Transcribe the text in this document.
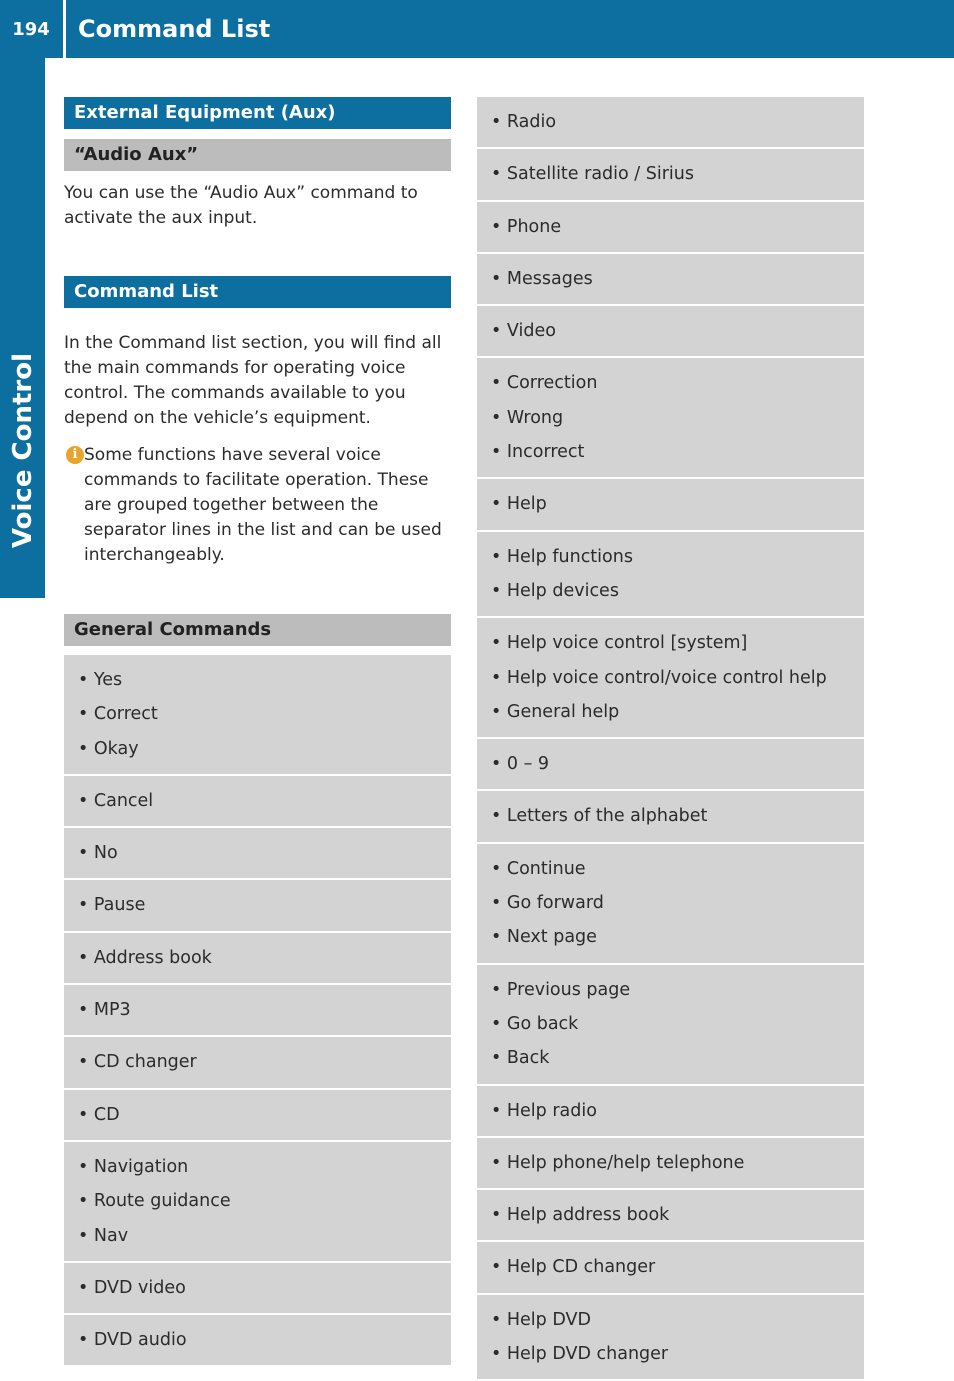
194	Command List
Voice Control
External Equipment (Aux)
“Audio Aux”

You can use the “Audio Aux” command to activate the aux input.

Command List

In the Command list section, you will find all the main commands for operating voice control. The commands available to you depend on the vehicle’s equipment.

i Some functions have several voice commands to facilitate operation. These are grouped together between the separator lines in the list and can be used interchangeably.
General Commands
• Yes
• Correct
• Okay
• Cancel
• No
• Pause
• Address book
• MP3
• CD changer
• CD
• Navigation
• Route guidance
• Nav
• DVD video
• DVD audio
• Radio
• Satellite radio / Sirius
• Phone
• Messages
• Video
• Correction
• Wrong
• Incorrect
• Help
• Help functions
• Help devices
• Help voice control [system]
• Help voice control/voice control help
• General help
• 0 – 9
• Letters of the alphabet
• Continue
• Go forward
• Next page
• Previous page
• Go back
• Back
• Help radio
• Help phone/help telephone
• Help address book
• Help CD changer
• Help DVD
• Help DVD changer
